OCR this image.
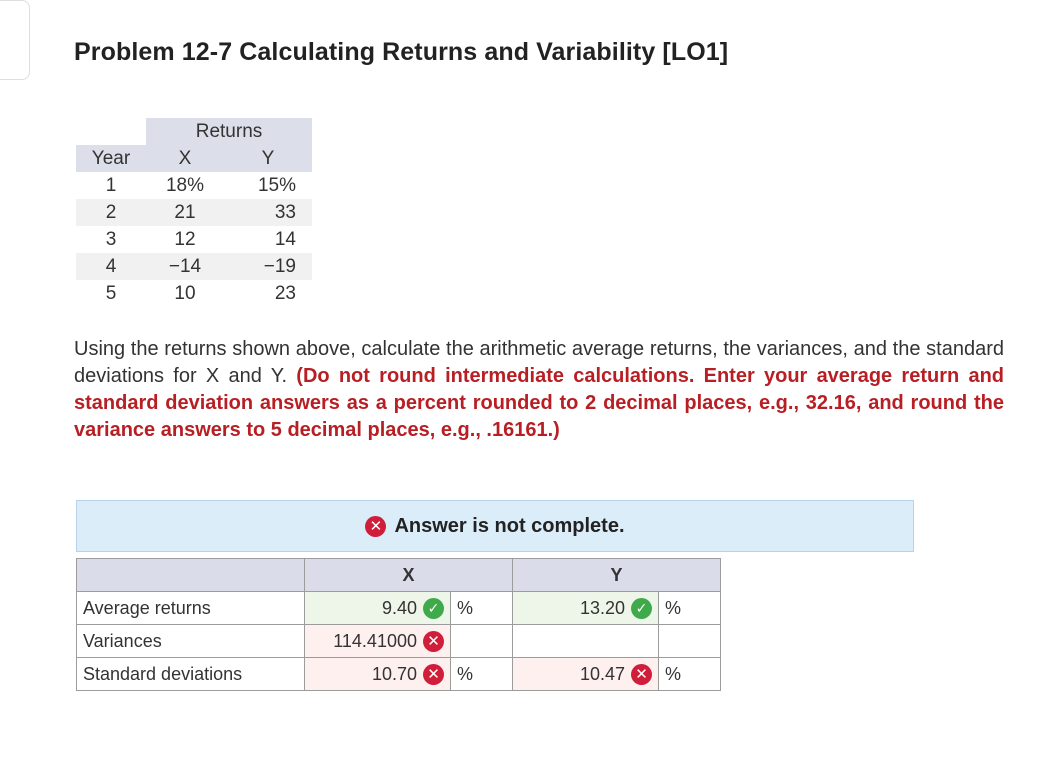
Problem 12-7 Calculating Returns and Variability [LO1]
	Returns	
Year	X	Y
1	18%	15%
2	21	33
3	12	14
4	−14	−19
5	10	23
Using the returns shown above, calculate the arithmetic average returns, the variances, and the standard deviations for X and Y. (Do not round intermediate calculations. Enter your average return and standard deviation answers as a percent rounded to 2 decimal places, e.g., 32.16, and round the variance answers to 5 decimal places, e.g., .16161.)
✕ Answer is not complete.
	X		Y	
Average returns	9.40 ✓	%	13.20 ✓	%
Variances	114.41000 ✕			

Standard deviations	10.70 ✕	%	10.47 ✕	%
